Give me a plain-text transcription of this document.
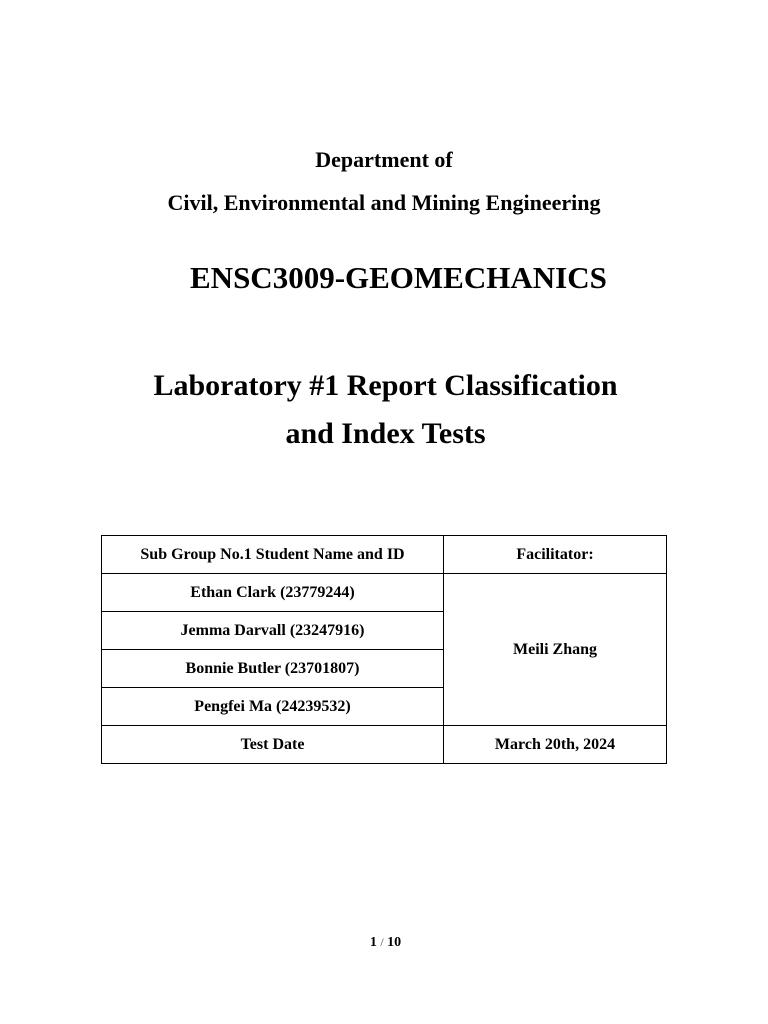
Department of
Civil, Environmental and Mining Engineering
ENSC3009-GEOMECHANICS
Laboratory #1 Report Classification
and Index Tests
Sub Group No.1 Student Name and ID	Facilitator:
Ethan Clark (23779244)	Meili Zhang
Jemma Darvall (23247916)	
Bonnie Butler (23701807)	
Pengfei Ma (24239532)	
Test Date	March 20th, 2024
1 / 10
